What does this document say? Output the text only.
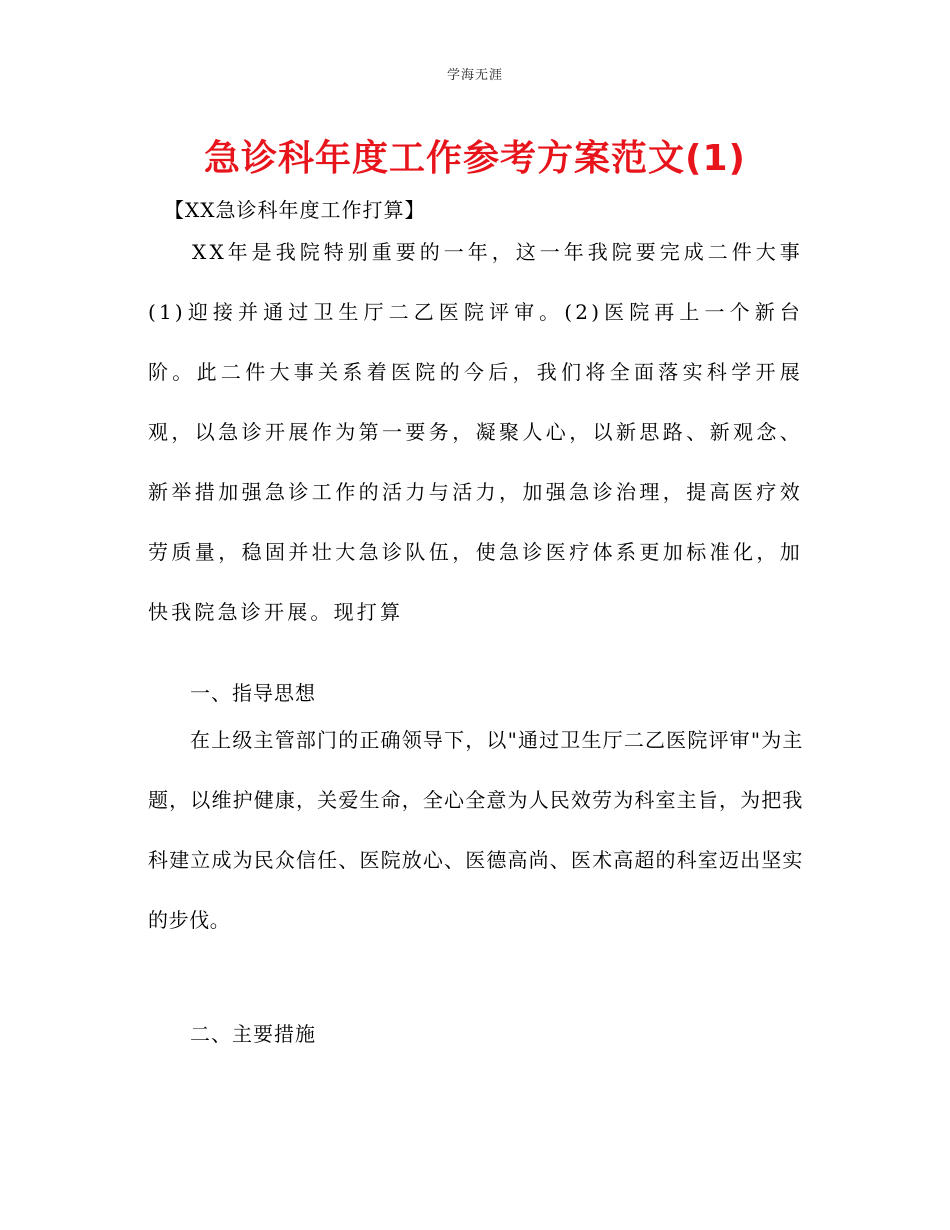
学海无涯
急诊科年度工作参考方案范文(1)
【XX急诊科年度工作打算】

XX年是我院特别重要的一年，这一年我院要完成二件大事(1)迎接并通过卫生厅二乙医院评审。(2)医院再上一个新台阶。此二件大事关系着医院的今后，我们将全面落实科学开展观，以急诊开展作为第一要务，凝聚人心，以新思路、新观念、新举措加强急诊工作的活力与活力，加强急诊治理，提高医疗效劳质量，稳固并壮大急诊队伍，使急诊医疗体系更加标准化，加快我院急诊开展。现打算

一、指导思想

在上级主管部门的正确领导下，以"通过卫生厅二乙医院评审"为主题，以维护健康，关爱生命，全心全意为人民效劳为科室主旨，为把我科建立成为民众信任、医院放心、医德高尚、医术高超的科室迈出坚实的步伐。

二、主要措施
